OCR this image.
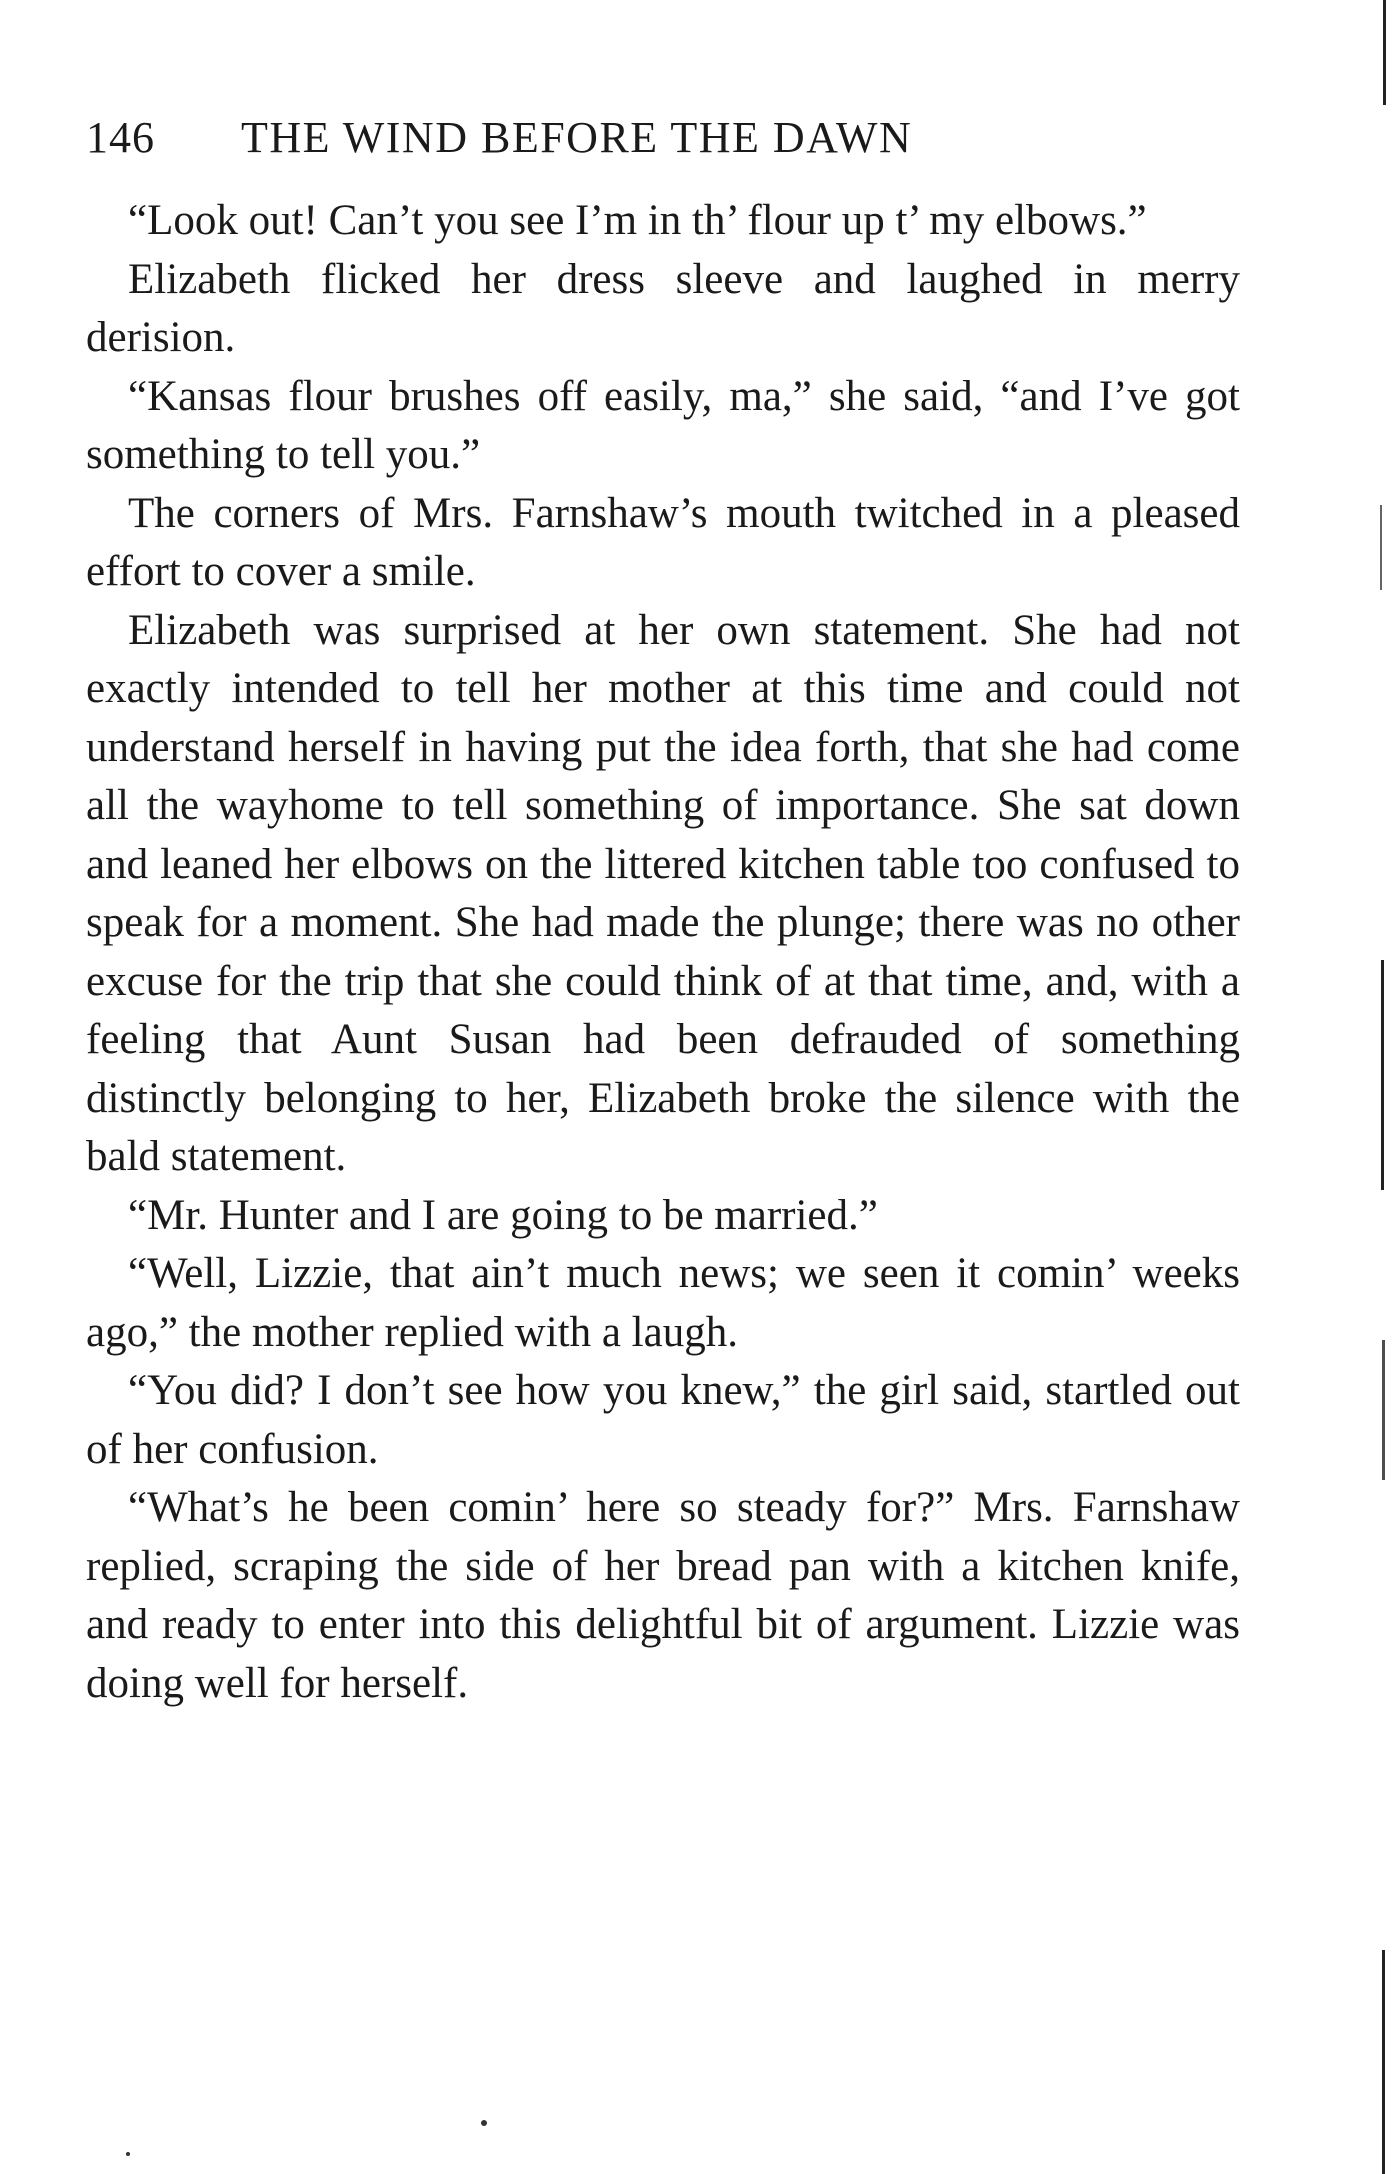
146 THE WIND BEFORE THE DAWN

“Look out! Can’t you see I’m in th’ flour up t’ my elbows.”

Elizabeth flicked her dress sleeve and laughed in merry derision.

“Kansas flour brushes off easily, ma,” she said, “and I’ve got something to tell you.”

The corners of Mrs. Farnshaw’s mouth twitched in a pleased effort to cover a smile.

Elizabeth was surprised at her own statement. She had not exactly intended to tell her mother at this time and could not understand herself in having put the idea forth, that she had come all the wayhome to tell something of importance. She sat down and leaned her elbows on the littered kitchen table too confused to speak for a moment. She had made the plunge; there was no other excuse for the trip that she could think of at that time, and, with a feeling that Aunt Susan had been defrauded of something distinctly belonging to her, Elizabeth broke the silence with the bald statement.

“Mr. Hunter and I are going to be married.”

“Well, Lizzie, that ain’t much news; we seen it comin’ weeks ago,” the mother replied with a laugh.

“You did? I don’t see how you knew,” the girl said, startled out of her confusion.

“What’s he been comin’ here so steady for?” Mrs. Farnshaw replied, scraping the side of her bread pan with a kitchen knife, and ready to enter into this delightful bit of argument. Lizzie was doing well for herself.
